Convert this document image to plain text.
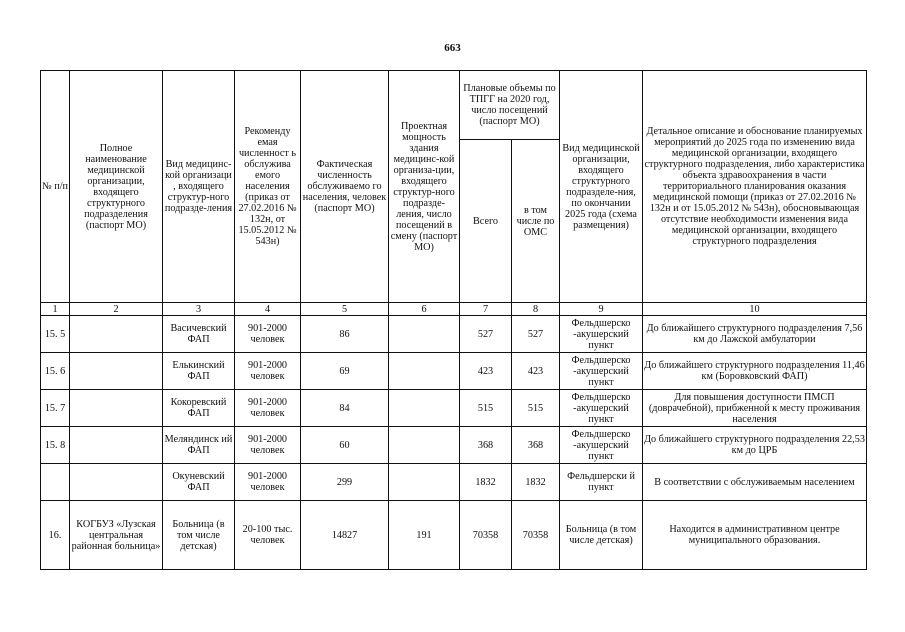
663
№ п/п	Полное наименование медицинской организации, входящего структурного подразделения (паспорт МО)	Вид медицинс-кой организаци , входящего структур-ного подразде-ления	Рекоменду емая численност ь обслужива емого населения (приказ от 27.02.2016 № 132н, от 15.05.2012 № 543н)	Фактическая численность обслуживаемо го населения, человек (паспорт МО)	Проектная мощность здания медицинс-кой организа-ции, входящего структур-ного подразде-ления, число посещений в смену (паспорт МО)	Плановые объемы по ТПГГ на 2020 год, число посещений (паспорт МО)		Вид медицинской организации, входящего структурного подразделе-ния, по окончании 2025 года (схема размещения)	Детальное описание и обоснование планируемых мероприятий до 2025 года по изменению вида медицинской организации, входящего структурного подразделения, либо характеристика объекта здравоохранения в части территориального планирования оказания медицинской помощи (приказ от 27.02.2016 № 132н и от 15.05.2012 № 543н), обосновывающая отсутствие необходимости изменения вида медицинской организации, входящего структурного подразделения
						Всего	в том числе по ОМС		
1	2	3	4	5	6	7	8	9	10
15. 5		Васичевский ФАП	901-2000 человек	86		527	527	Фельдшерско -акушерский пункт	До ближайшего структурного подразделения 7,56 км до Лажской амбулатории
15. 6		Елькинский ФАП	901-2000 человек	69		423	423	Фельдшерско -акушерский пункт	До ближайшего структурного подразделения 11,46 км (Боровковский ФАП)
15. 7		Кокоревский ФАП	901-2000 человек	84		515	515	Фельдшерско -акушерский пункт	Для повышения доступности ПМСП (доврачебной), прибженной к месту проживания населения
15. 8		Меляндинск ий ФАП	901-2000 человек	60		368	368	Фельдшерско -акушерский пункт	До ближайшего структурного подразделения 22,53 км до ЦРБ
		Окуневский ФАП	901-2000 человек	299		1832	1832	Фельдшерски й пункт	В соответствии с обслуживаемым населением
16.	КОГБУЗ «Лузская центральная районная больница»	Больница (в том числе детская)	20-100 тыс. человек	14827	191	70358	70358	Больница (в том числе детская)	Находится в административном центре муниципального образования.
